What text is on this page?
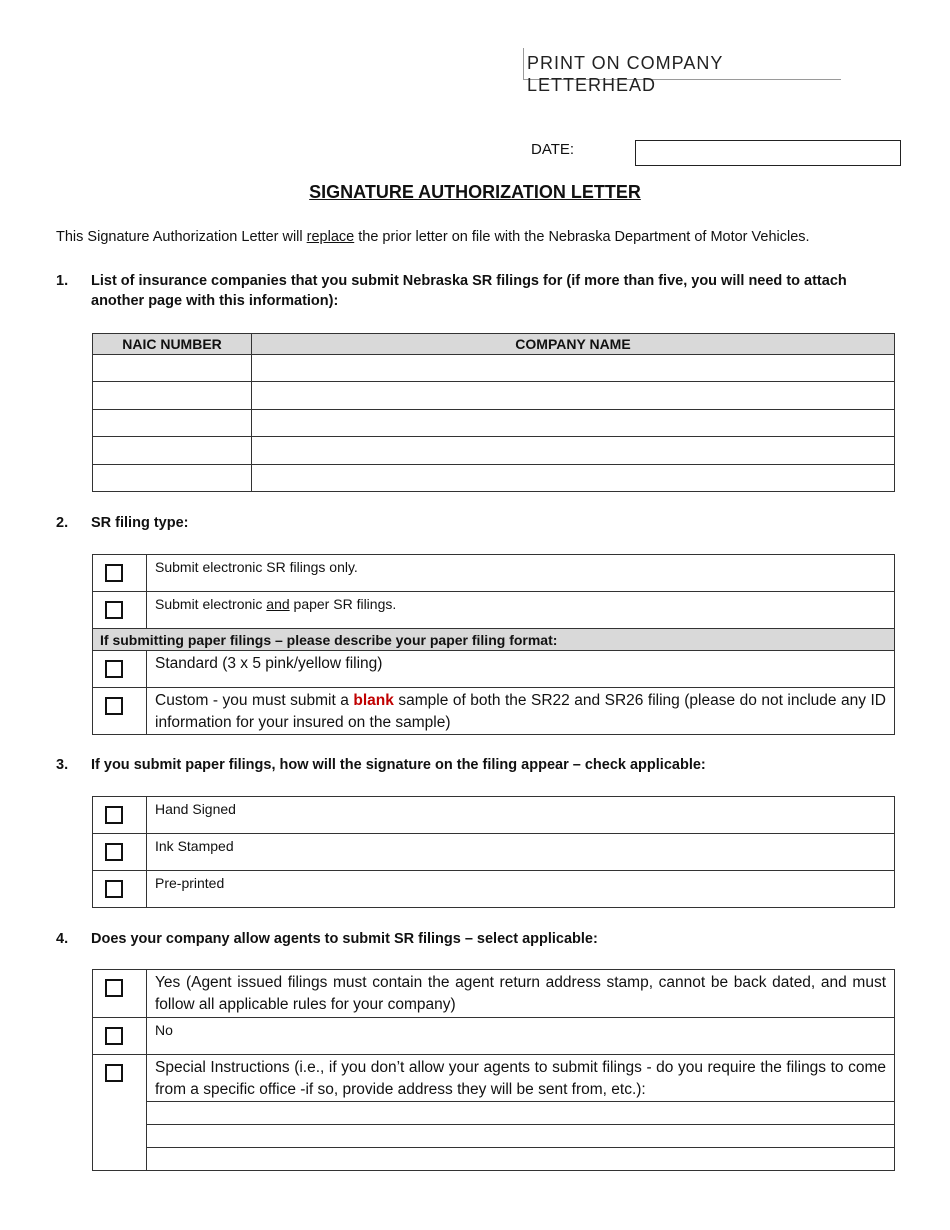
PRINT ON COMPANY LETTERHEAD
DATE:
SIGNATURE AUTHORIZATION LETTER
This Signature Authorization Letter will replace the prior letter on file with the Nebraska Department of Motor Vehicles.
1. List of insurance companies that you submit Nebraska SR filings for (if more than five, you will need to attach another page with this information):
NAIC NUMBER	COMPANY NAME

2. SR filing type:
	Submit electronic SR filings only.

	Submit electronic and paper SR filings.
If submitting paper filings – please describe your paper filing format:	

	Standard (3 x 5 pink/yellow filing)

	Custom - you must submit a blank sample of both the SR22 and SR26 filing (please do not include any ID information for your insured on the sample)
3. If you submit paper filings, how will the signature on the filing appear – check applicable:
	Hand Signed

	Ink Stamped

	Pre-printed
4. Does your company allow agents to submit SR filings – select applicable:
	Yes (Agent issued filings must contain the agent return address stamp, cannot be back dated, and must follow all applicable rules for your company)

	No

	Special Instructions (i.e., if you don’t allow your agents to submit filings - do you require the filings to come from a specific office -if so, provide address they will be sent from, etc.):
